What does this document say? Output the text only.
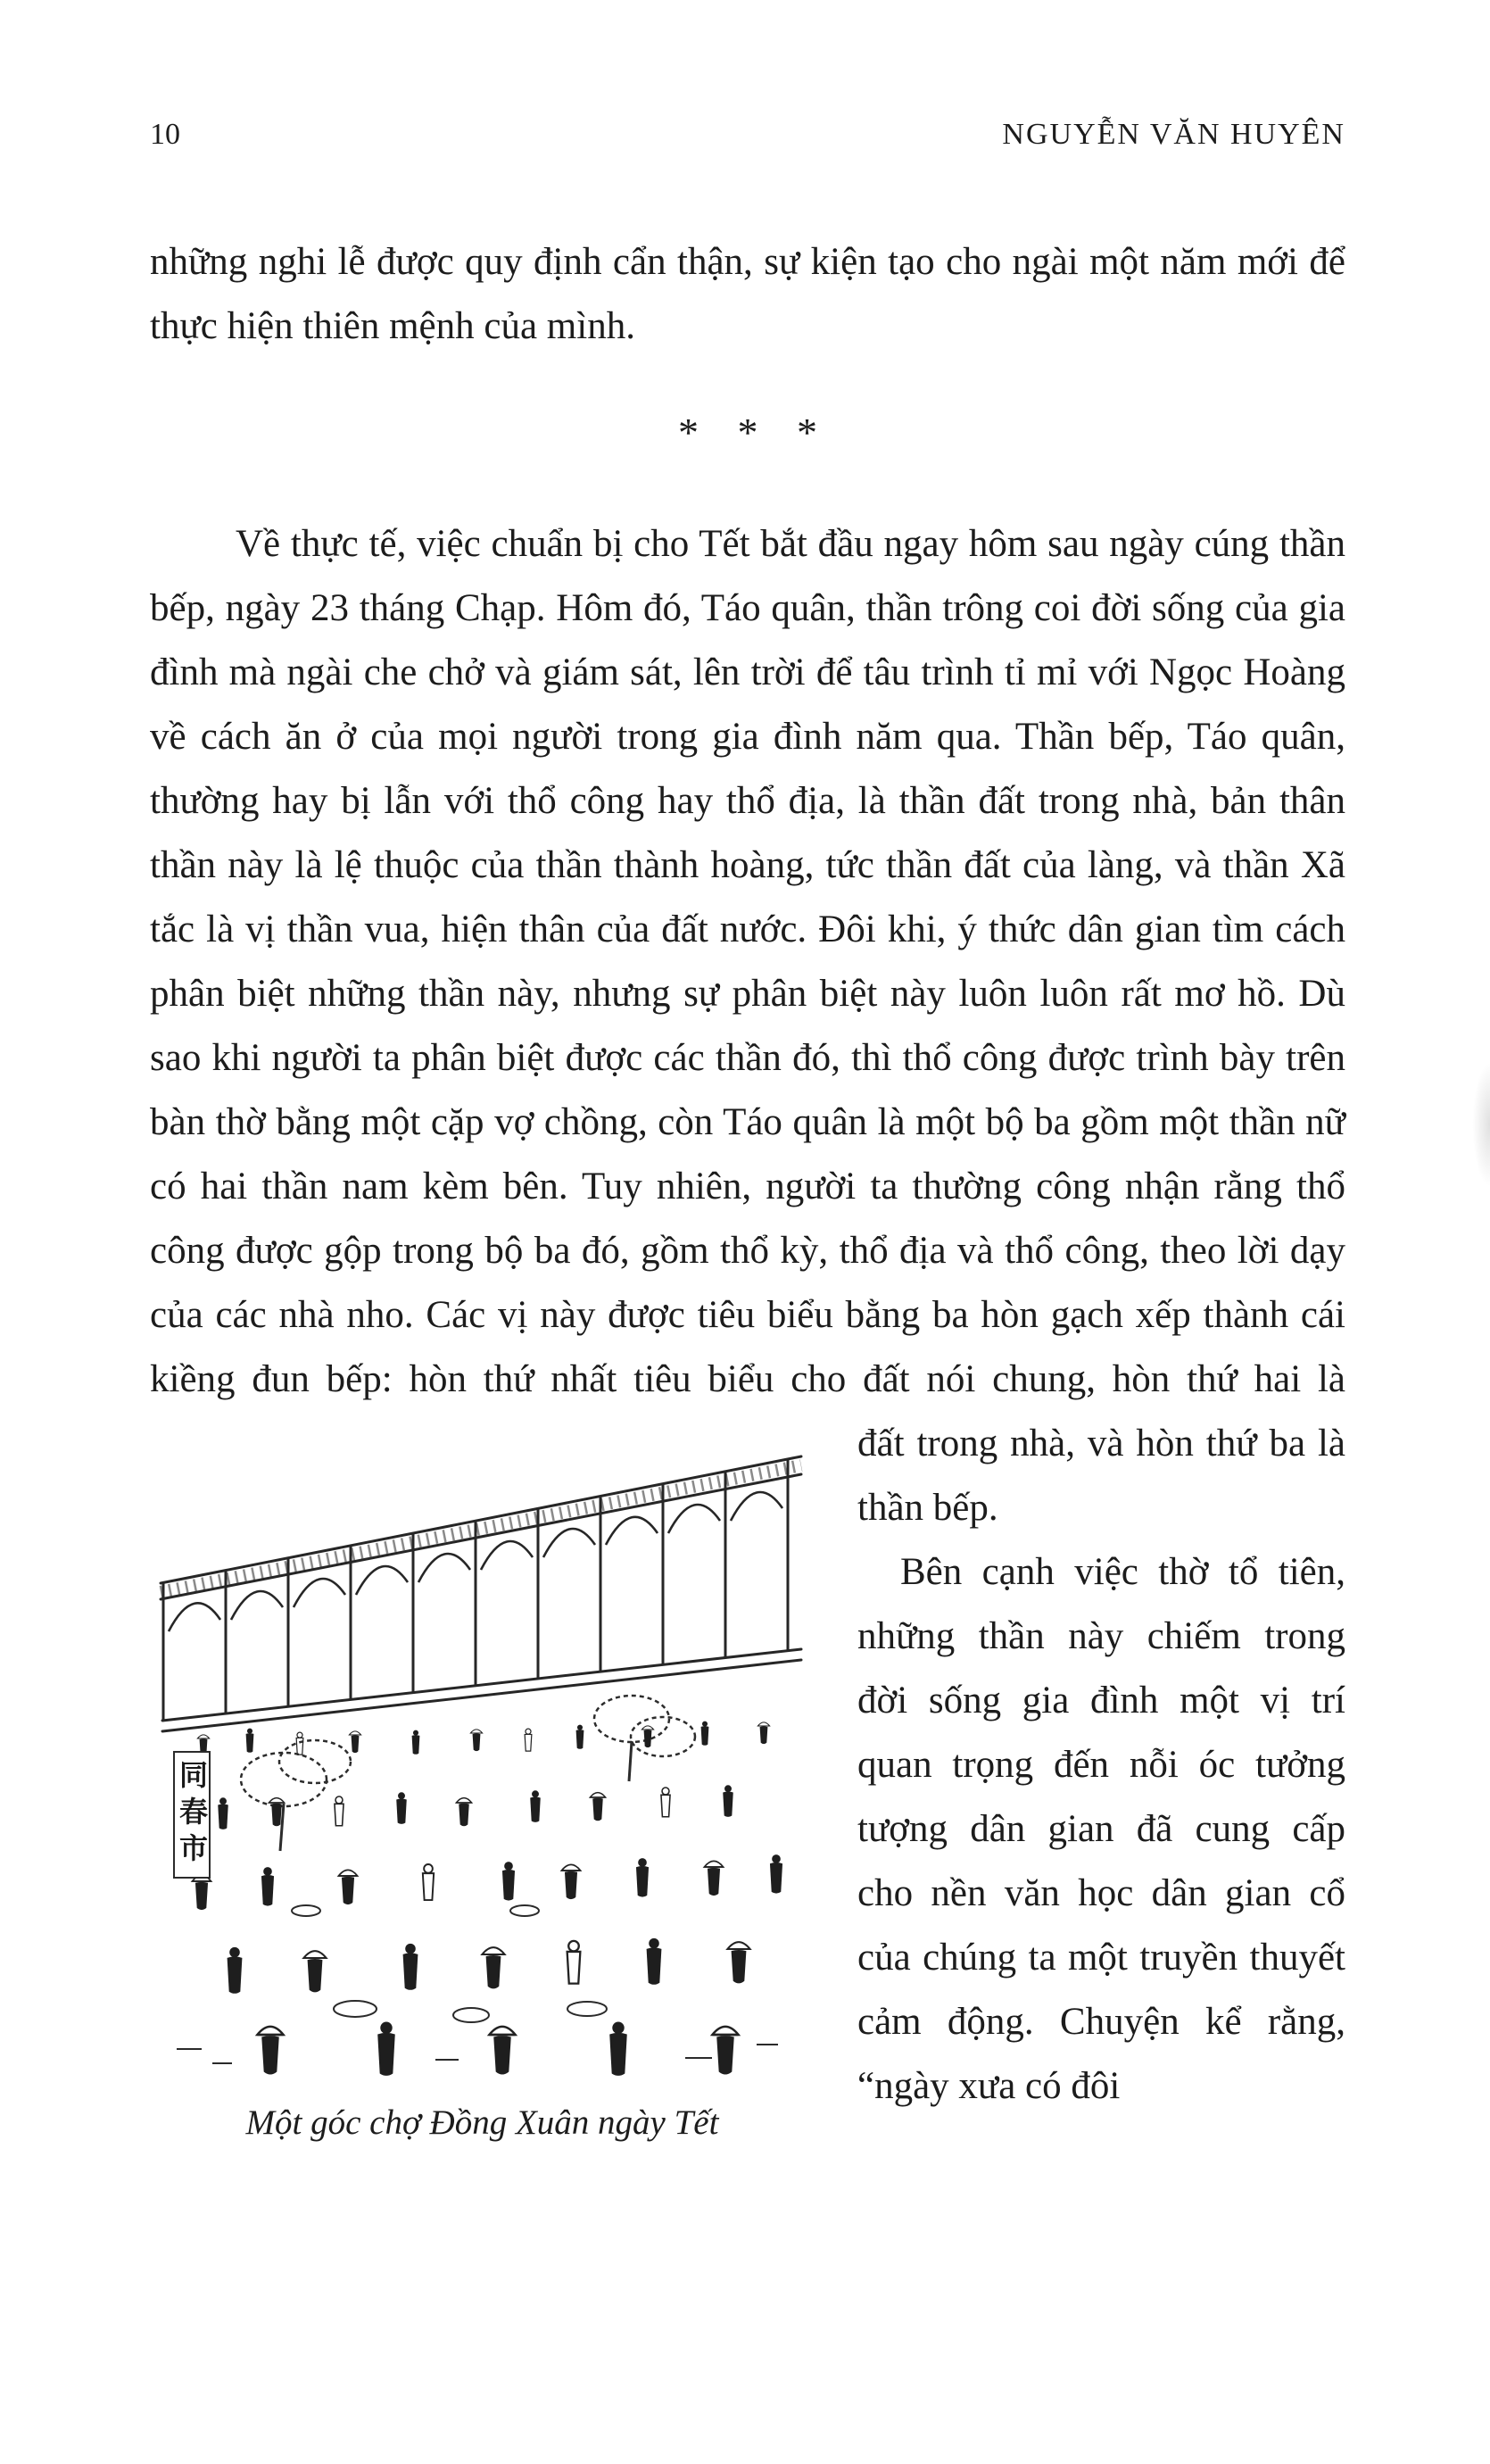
10	NGUYỄN VĂN HUYÊN

những nghi lễ được quy định cẩn thận, sự kiện tạo cho ngài một năm mới để thực hiện thiên mệnh của mình.

* * *

Về thực tế, việc chuẩn bị cho Tết bắt đầu ngay hôm sau ngày cúng thần bếp, ngày 23 tháng Chạp. Hôm đó, Táo quân, thần trông coi đời sống của gia đình mà ngài che chở và giám sát, lên trời để tâu trình tỉ mỉ với Ngọc Hoàng về cách ăn ở của mọi người trong gia đình năm qua. Thần bếp, Táo quân, thường hay bị lẫn với thổ công hay thổ địa, là thần đất trong nhà, bản thân thần này là lệ thuộc của thần thành hoàng, tức thần đất của làng, và thần Xã tắc là vị thần vua, hiện thân của đất nước. Đôi khi, ý thức dân gian tìm cách phân biệt những thần này, nhưng sự phân biệt này luôn luôn rất mơ hồ. Dù sao khi người ta phân biệt được các thần đó, thì thổ công được trình bày trên bàn thờ bằng một cặp vợ chồng, còn Táo quân là một bộ ba gồm một thần nữ có hai thần nam kèm bên. Tuy nhiên, người ta thường công nhận rằng thổ công được gộp trong bộ ba đó, gồm thổ kỳ, thổ địa và thổ công, theo lời dạy của các nhà nho. Các vị này được tiêu biểu bằng ba hòn gạch xếp thành cái kiềng đun bếp: hòn thứ nhất tiêu biểu cho đất nói chung, hòn thứ hai là

同春市
Một góc chợ Đồng Xuân ngày Tết

đất trong nhà, và hòn thứ ba là thần bếp.

Bên cạnh việc thờ tổ tiên, những thần này chiếm trong đời sống gia đình một vị trí quan trọng đến nỗi óc tưởng tượng dân gian đã cung cấp cho nền văn học dân gian cổ của chúng ta một truyền thuyết cảm động. Chuyện kể rằng, “ngày xưa có đôi
